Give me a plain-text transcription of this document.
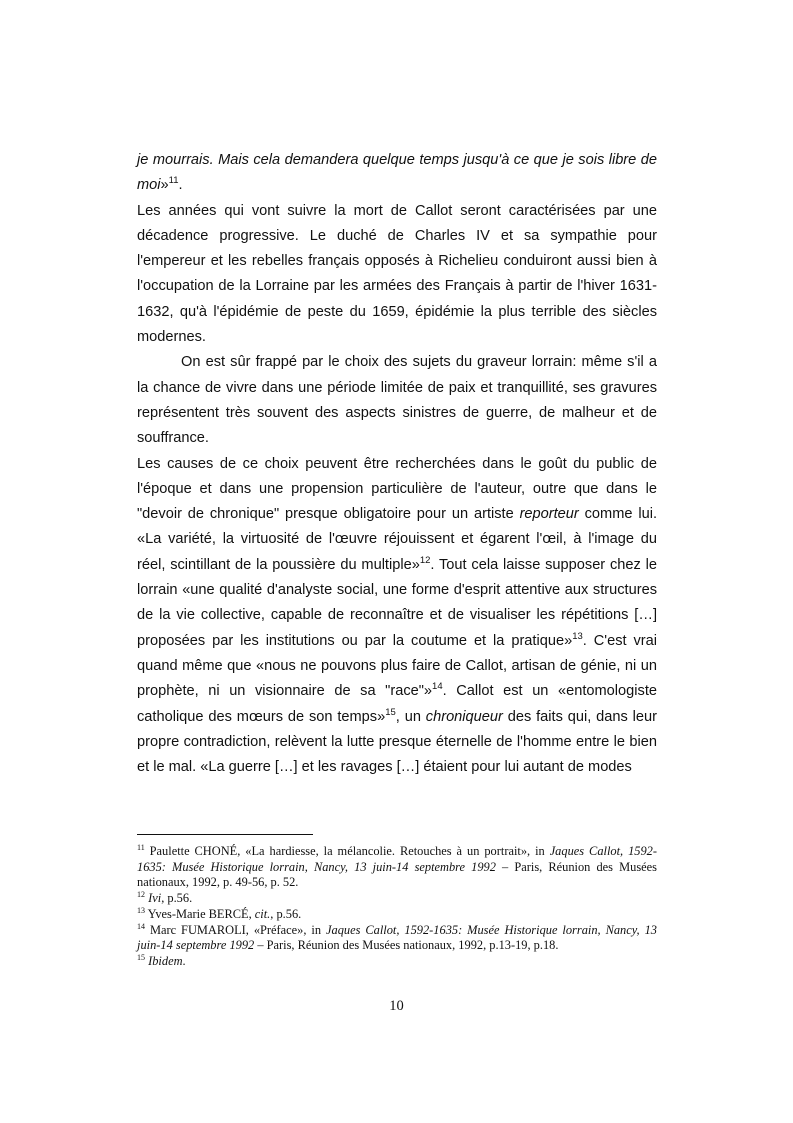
je mourrais. Mais cela demandera quelque temps jusqu'à ce que je sois libre de moi»$^{11}$.

Les années qui vont suivre la mort de Callot seront caractérisées par une décadence progressive. Le duché de Charles IV et sa sympathie pour l'empereur et les rebelles français opposés à Richelieu conduiront aussi bien à l'occupation de la Lorraine par les armées des Français à partir de l'hiver 1631-1632, qu'à l'épidémie de peste du 1659, épidémie la plus terrible des siècles modernes.

On est sûr frappé par le choix des sujets du graveur lorrain: même s'il a la chance de vivre dans une période limitée de paix et tranquillité, ses gravures représentent très souvent des aspects sinistres de guerre, de malheur et de souffrance.

Les causes de ce choix peuvent être recherchées dans le goût du public de l'époque et dans une propension particulière de l'auteur, outre que dans le "devoir de chronique" presque obligatoire pour un artiste reporteur comme lui. «La variété, la virtuosité de l'œuvre réjouissent et égarent l'œil, à l'image du réel, scintillant de la poussière du multiple»$^{12}$. Tout cela laisse supposer chez le lorrain «une qualité d'analyste social, une forme d'esprit attentive aux structures de la vie collective, capable de reconnaître et de visualiser les répétitions […] proposées par les institutions ou par la coutume et la pratique»$^{13}$. C'est vrai quand même que «nous ne pouvons plus faire de Callot, artisan de génie, ni un prophète, ni un visionnaire de sa "race"»$^{14}$. Callot est un «entomologiste catholique des mœurs de son temps»$^{15}$, un chroniqueur des faits qui, dans leur propre contradiction, relèvent la lutte presque éternelle de l'homme entre le bien et le mal. «La guerre […] et les ravages […] étaient pour lui autant de modes

$^{11}$ Paulette CHONÉ, «La hardiesse, la mélancolie. Retouches à un portrait», in Jaques Callot, 1592-1635: Musée Historique lorrain, Nancy, 13 juin-14 septembre 1992 – Paris, Réunion des Musées nationaux, 1992, p. 49-56, p. 52.

$^{12}$ Ivi, p.56.

$^{13}$ Yves-Marie BERCÉ, cit., p.56.

$^{14}$ Marc FUMAROLI, «Préface», in Jaques Callot, 1592-1635: Musée Historique lorrain, Nancy, 13 juin-14 septembre 1992 – Paris, Réunion des Musées nationaux, 1992, p.13-19, p.18.

$^{15}$ Ibidem.

10
